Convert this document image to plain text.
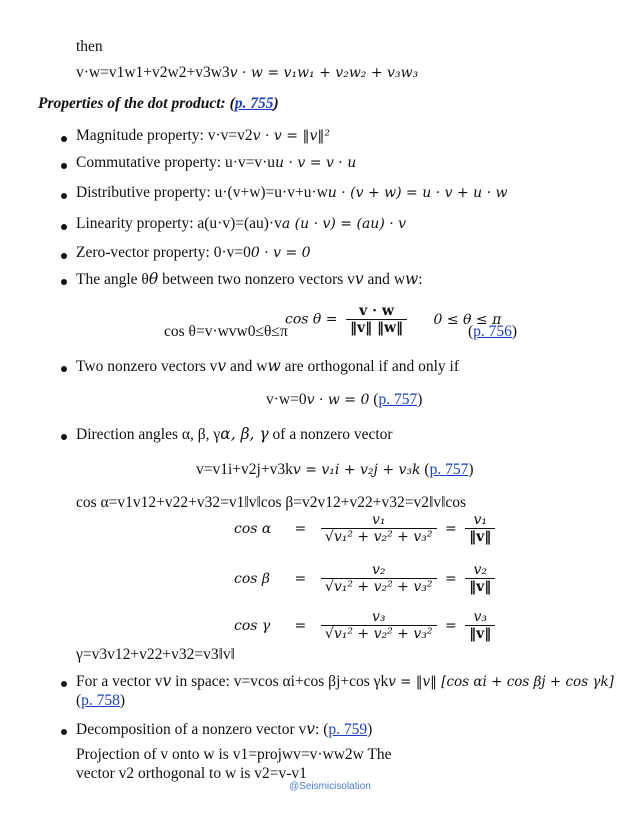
then
v·w=v1w1+v2w2+v3w3v · w = v₁w₁ + v₂w₂ + v₃w₃
Properties of the dot product: (p. 755)
Magnitude property: v·v=v2v · v = ‖v‖²
Commutative property: u·v=v·uu · v = v · u
Distributive property: u·(v+w)=u·v+u·wu · (v + w) = u · v + u · w
Linearity property: a(u·v)=(au)·va (u · v) = (au) · v
Zero-vector property: 0·v=00 · v = 0
The angle θθ between two nonzero vectors vv and ww:
$\cos \theta = \frac{v \cdot w}{‖v‖ ‖w‖} 0 \le \theta \le \pi$
cos θ=v·wvw0≤θ≤π	(p. 756)
Two nonzero vectors vv and ww are orthogonal if and only if
v·w=0v · w = 0 (p. 757)
Direction angles α, β, γα, β, γ of a nonzero vector
v=v1i+v2j+v3kv = v₁i + v₂j + v₃k (p. 757)
cos α=v1v12+v22+v32=v1‖v‖cos β=v2v12+v22+v32=v2‖v‖cos
$\cos \alpha = \frac{\text{v₁}}{\text{√v₁² + v₂² + v₃²}} = \frac{\text{v₁}}{‖v‖}$
$\cos \beta = \frac{\text{v₂}}{\text{√v₁² + v₂² + v₃²}} = \frac{\text{v₂}}{‖v‖}$
$\cos \gamma = \frac{\text{v₃}}{\text{√v₁² + v₂² + v₃²}} = \frac{\text{v₃}}{‖v‖}$
γ=v3v12+v22+v32=v3‖v‖
For a vector vv in space: v=vcos αi+cos βj+cos γkv = ‖v‖ [cos αi + cos βj + cos γk]
(p. 758)
Decomposition of a nonzero vector vv: (p. 759)
Projection of v onto w is v1=projwv=v·ww2w The
vector v2 orthogonal to w is v2=v-v1
@Seismicisolation
